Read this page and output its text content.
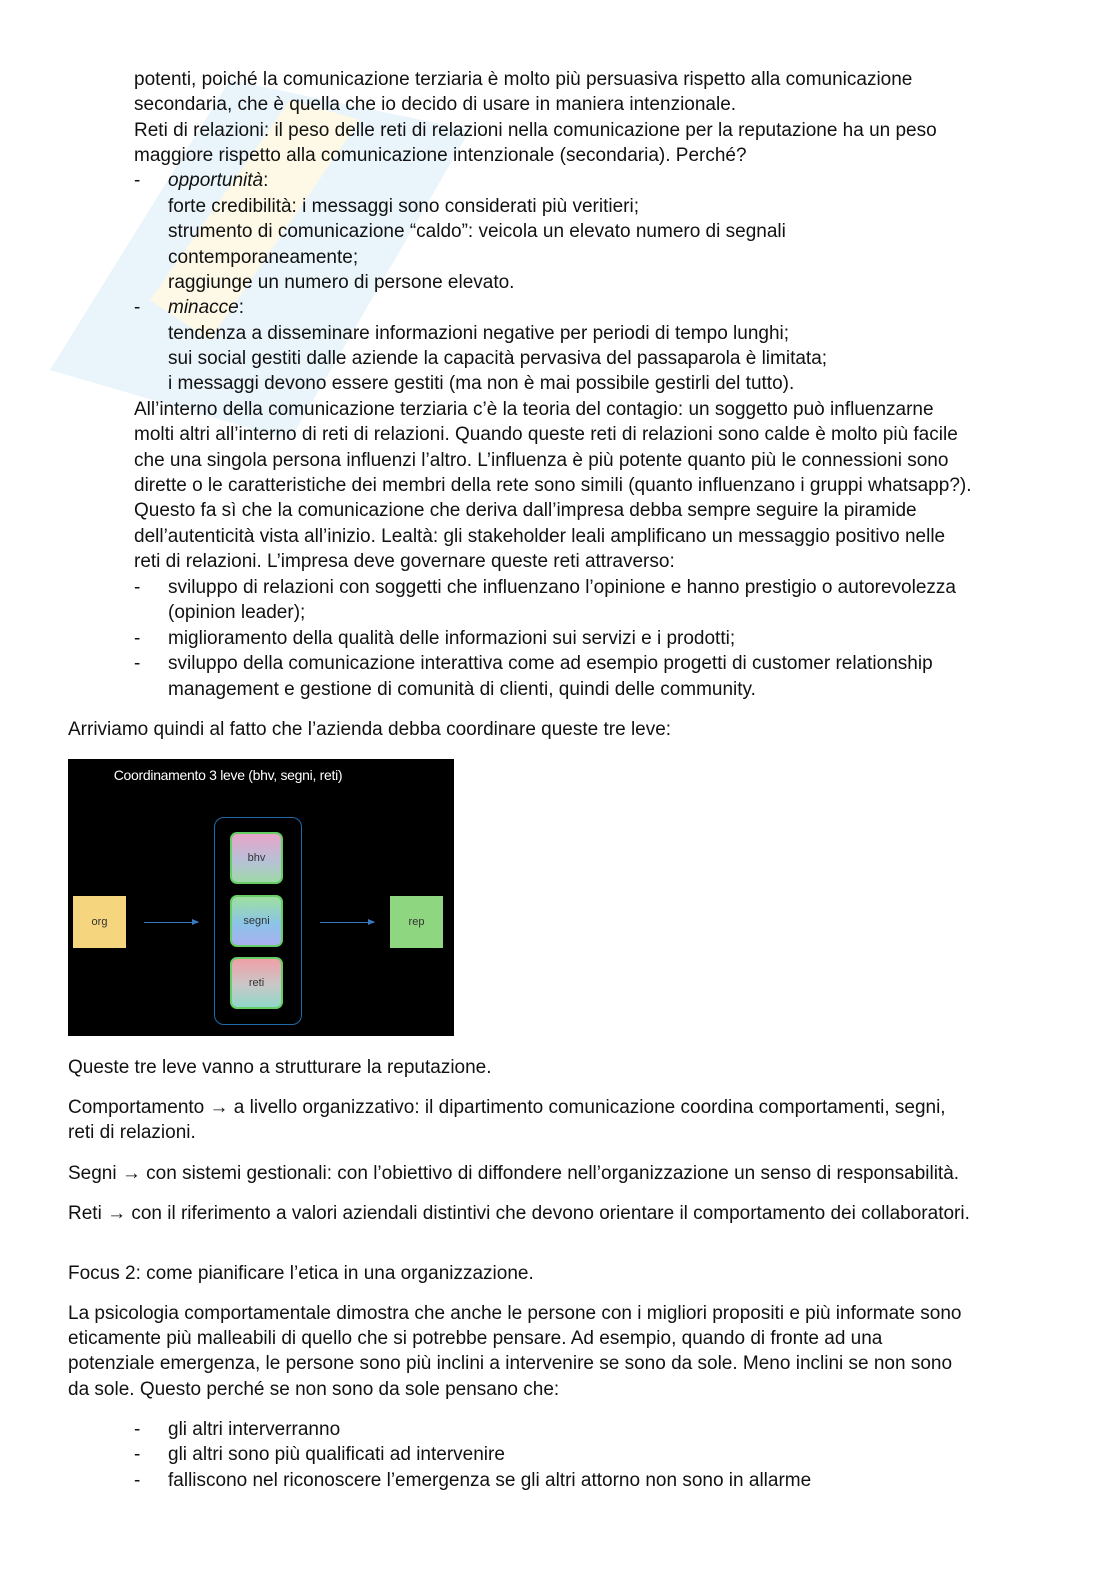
potenti, poiché la comunicazione terziaria è molto più persuasiva rispetto alla comunicazione
secondaria, che è quella che io decido di usare in maniera intenzionale.
Reti di relazioni: il peso delle reti di relazioni nella comunicazione per la reputazione ha un peso
maggiore rispetto alla comunicazione intenzionale (secondaria). Perché?
- opportunità:
forte credibilità: i messaggi sono considerati più veritieri;
strumento di comunicazione “caldo”: veicola un elevato numero di segnali
contemporaneamente;
raggiunge un numero di persone elevato.
- minacce:
tendenza a disseminare informazioni negative per periodi di tempo lunghi;
sui social gestiti dalle aziende la capacità pervasiva del passaparola è limitata;
i messaggi devono essere gestiti (ma non è mai possibile gestirli del tutto).
All’interno della comunicazione terziaria c’è la teoria del contagio: un soggetto può influenzarne
molti altri all’interno di reti di relazioni. Quando queste reti di relazioni sono calde è molto più facile
che una singola persona influenzi l’altro. L’influenza è più potente quanto più le connessioni sono
dirette o le caratteristiche dei membri della rete sono simili (quanto influenzano i gruppi whatsapp?).
Questo fa sì che la comunicazione che deriva dall’impresa debba sempre seguire la piramide
dell’autenticità vista all’inizio. Lealtà: gli stakeholder leali amplificano un messaggio positivo nelle
reti di relazioni. L’impresa deve governare queste reti attraverso:
- sviluppo di relazioni con soggetti che influenzano l’opinione e hanno prestigio o autorevolezza
(opinion leader);
- miglioramento della qualità delle informazioni sui servizi e i prodotti;
- sviluppo della comunicazione interattiva come ad esempio progetti di customer relationship
management e gestione di comunità di clienti, quindi delle community.
Arriviamo quindi al fatto che l’azienda debba coordinare queste tre leve:
Coordinamento 3 leve (bhv, segni, reti)
org
bhv
segni
reti
rep
Queste tre leve vanno a strutturare la reputazione.
Comportamento → a livello organizzativo: il dipartimento comunicazione coordina comportamenti, segni,
reti di relazioni.
Segni → con sistemi gestionali: con l’obiettivo di diffondere nell’organizzazione un senso di responsabilità.
Reti → con il riferimento a valori aziendali distintivi che devono orientare il comportamento dei collaboratori.
Focus 2: come pianificare l’etica in una organizzazione.
La psicologia comportamentale dimostra che anche le persone con i migliori propositi e più informate sono
eticamente più malleabili di quello che si potrebbe pensare. Ad esempio, quando di fronte ad una
potenziale emergenza, le persone sono più inclini a intervenire se sono da sole. Meno inclini se non sono
da sole. Questo perché se non sono da sole pensano che:
- gli altri interverranno
- gli altri sono più qualificati ad intervenire
- falliscono nel riconoscere l’emergenza se gli altri attorno non sono in allarme
